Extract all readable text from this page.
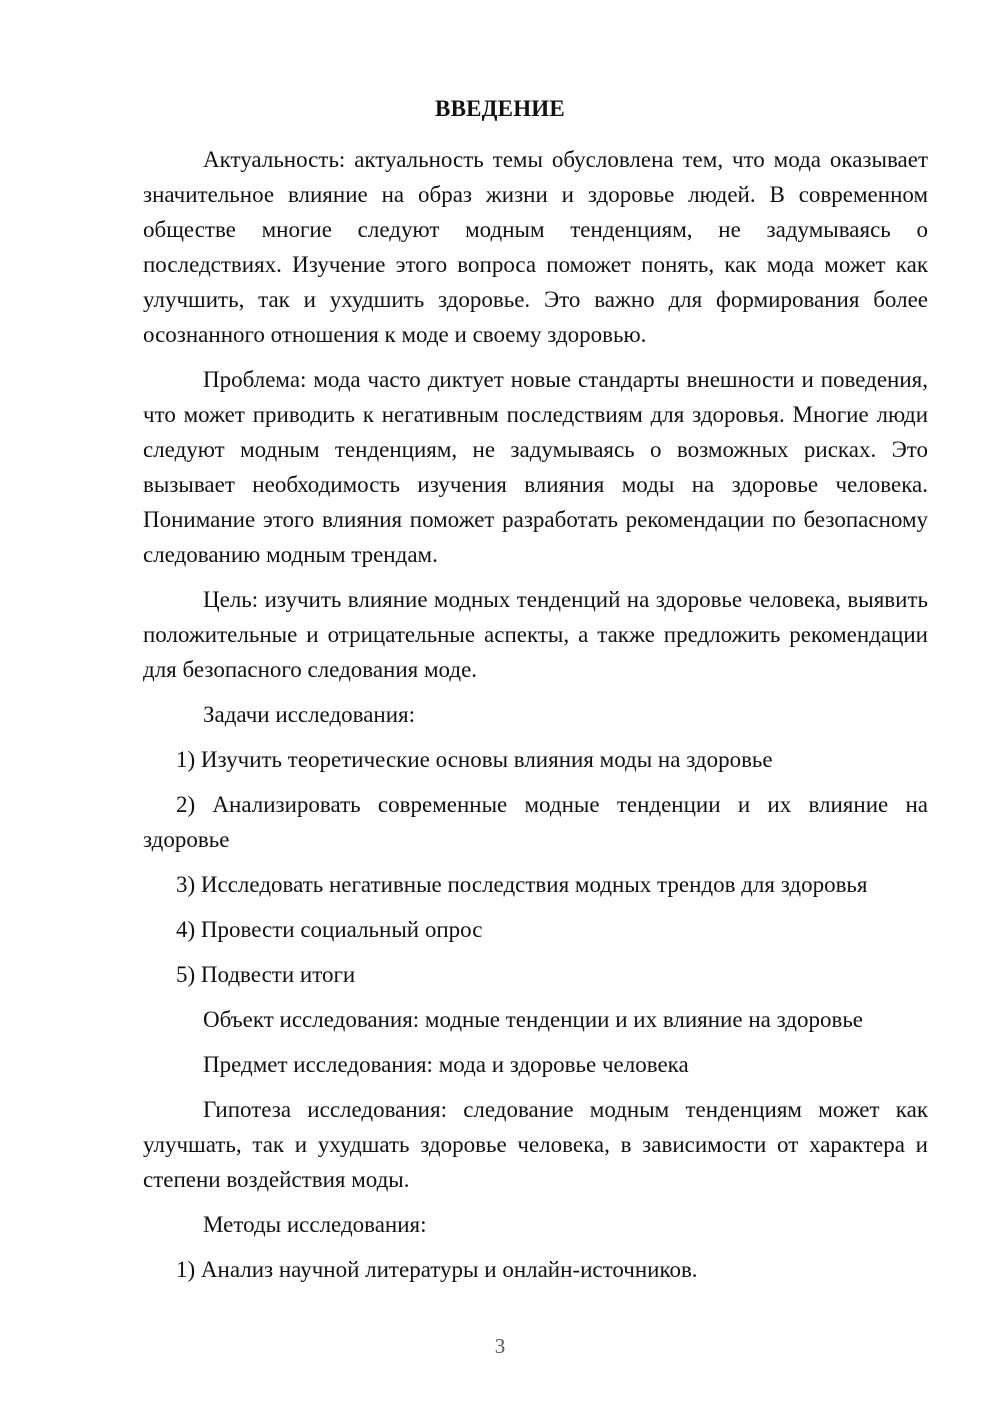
ВВЕДЕНИЕ

Актуальность: актуальность темы обусловлена тем, что мода оказывает значительное влияние на образ жизни и здоровье людей. В современном обществе многие следуют модным тенденциям, не задумываясь о последствиях. Изучение этого вопроса поможет понять, как мода может как улучшить, так и ухудшить здоровье. Это важно для формирования более осознанного отношения к моде и своему здоровью.

Проблема: мода часто диктует новые стандарты внешности и поведения, что может приводить к негативным последствиям для здоровья. Многие люди следуют модным тенденциям, не задумываясь о возможных рисках. Это вызывает необходимость изучения влияния моды на здоровье человека. Понимание этого влияния поможет разработать рекомендации по безопасному следованию модным трендам.

Цель: изучить влияние модных тенденций на здоровье человека, выявить положительные и отрицательные аспекты, а также предложить рекомендации для безопасного следования моде.

Задачи исследования:

1) Изучить теоретические основы влияния моды на здоровье

2) Анализировать современные модные тенденции и их влияние на здоровье

3) Исследовать негативные последствия модных трендов для здоровья

4) Провести социальный опрос

5) Подвести итоги

Объект исследования: модные тенденции и их влияние на здоровье

Предмет исследования: мода и здоровье человека

Гипотеза исследования: следование модным тенденциям может как улучшать, так и ухудшать здоровье человека, в зависимости от характера и степени воздействия моды.

Методы исследования:

1) Анализ научной литературы и онлайн-источников.

3
